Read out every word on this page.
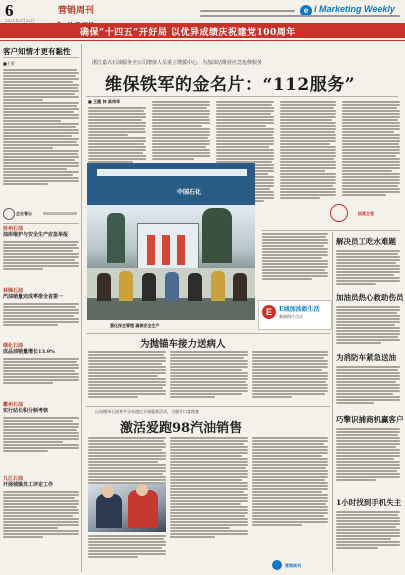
6
2021年3月22日
营销周刊	e i Marketing Weekly
确保“十四五”开好局 以优异成绩庆祝建党100周年
客户知情才更有黏性
■王荣
企业看台
抚州石油
油库维护与安全生产应急举报
林锋石油
汽油销量完成率排全省第一
绩化石油
成品油销量增长13.9%
衢州石油
实行站长积分制考核
九江石油
开展城镇员工评定工作
浙江嘉兴石油服务全公司增值人员重立增援中心，为加油站维持应急抢修服务
维保铁军的金名片：“112服务”
■ 王健 林 陈伟华
段落主笔
中国石化
强化保全管理 确保安全生产
E	E城加油新生活
新闻图片点击
解决员工吃水难题
加油员热心救助伤员
为消防车紧急送油
巧擎识捕商机赢客户
1小时找到手机失主
为抛锚车接力送病人
山东德州石油笑平分站通过开展服务活动，当旗开口客购客
激活爱跑98汽油销售
营销周刊
